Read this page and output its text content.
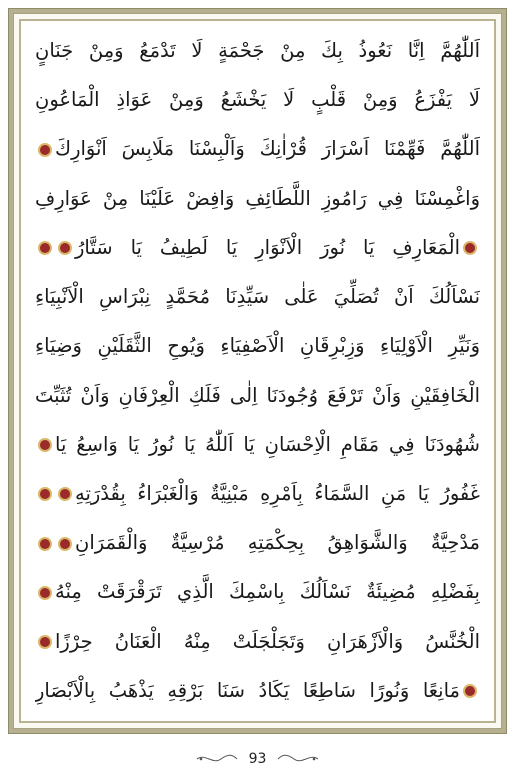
اَللّٰهُمَّ اِنَّا نَعُوذُ بِكَ مِنْ جَحْمَةٍ لَا تَدْمَعُ وَمِنْ جَنَانٍ
لَا يَفْزَعُ وَمِنْ قَلْبٍ لَا يَخْشَعُ وَمِنْ عَوَاذِ الْمَاعُونِ
اَللّٰهُمَّ فَهِّمْنَا اَسْرَارَ قُرْاٰنِكَ وَاَلْبِسْنَا مَلَابِسَ اَنْوَارِكَ
وَاغْمِسْنَا فِي رَامُوزِ اللَّطَائِفِ وَافِضْ عَلَيْنَا مِنْ عَوَارِفِ
الْمَعَارِفِ يَا نُورَ الْاَنْوَارِ يَا لَطِيفُ يَا سَتَّارُ
نَسْاَلُكَ اَنْ تُصَلِّيَ عَلٰى سَيِّدِنَا مُحَمَّدٍ نِبْرَاسِ الْاَنْبِيَاءِ
وَنَيِّرِ الْاَوْلِيَاءِ وَزِبْرِقَانِ الْاَصْفِيَاءِ وَيُوحِ الثَّقَلَيْنِ وَضِيَاءِ
الْخَافِقَيْنِ وَاَنْ تَرْفَعَ وُجُودَنَا اِلٰى فَلَكِ الْعِرْفَانِ وَاَنْ تُثَبِّتَ
شُهُودَنَا فِي مَقَامِ الْاِحْسَانِ يَا اَللّٰهُ يَا نُورُ يَا وَاسِعُ يَا
غَفُورُ يَا مَنِ السَّمَاءُ بِاَمْرِهِ مَبْنِيَّةٌ وَالْغَبْرَاءُ بِقُدْرَتِهِ
مَدْحِيَّةٌ وَالشَّوَاهِقُ بِحِكْمَتِهِ مُرْسِيَّةٌ وَالْقَمَرَانِ
بِفَضْلِهِ مُضِيئَةٌ نَسْاَلُكَ بِاسْمِكَ الَّذِي تَرَقْرَقَتْ مِنْهُ
الْخُنَّسُ وَالْاَزْهَرَانِ وَتَجَلْجَلَتْ مِنْهُ الْعَنَانُ حِرْزًا
مَانِعًا وَنُورًا سَاطِعًا يَكَادُ سَنَا بَرْقِهِ يَذْهَبُ بِالْاَبْصَارِ
93
